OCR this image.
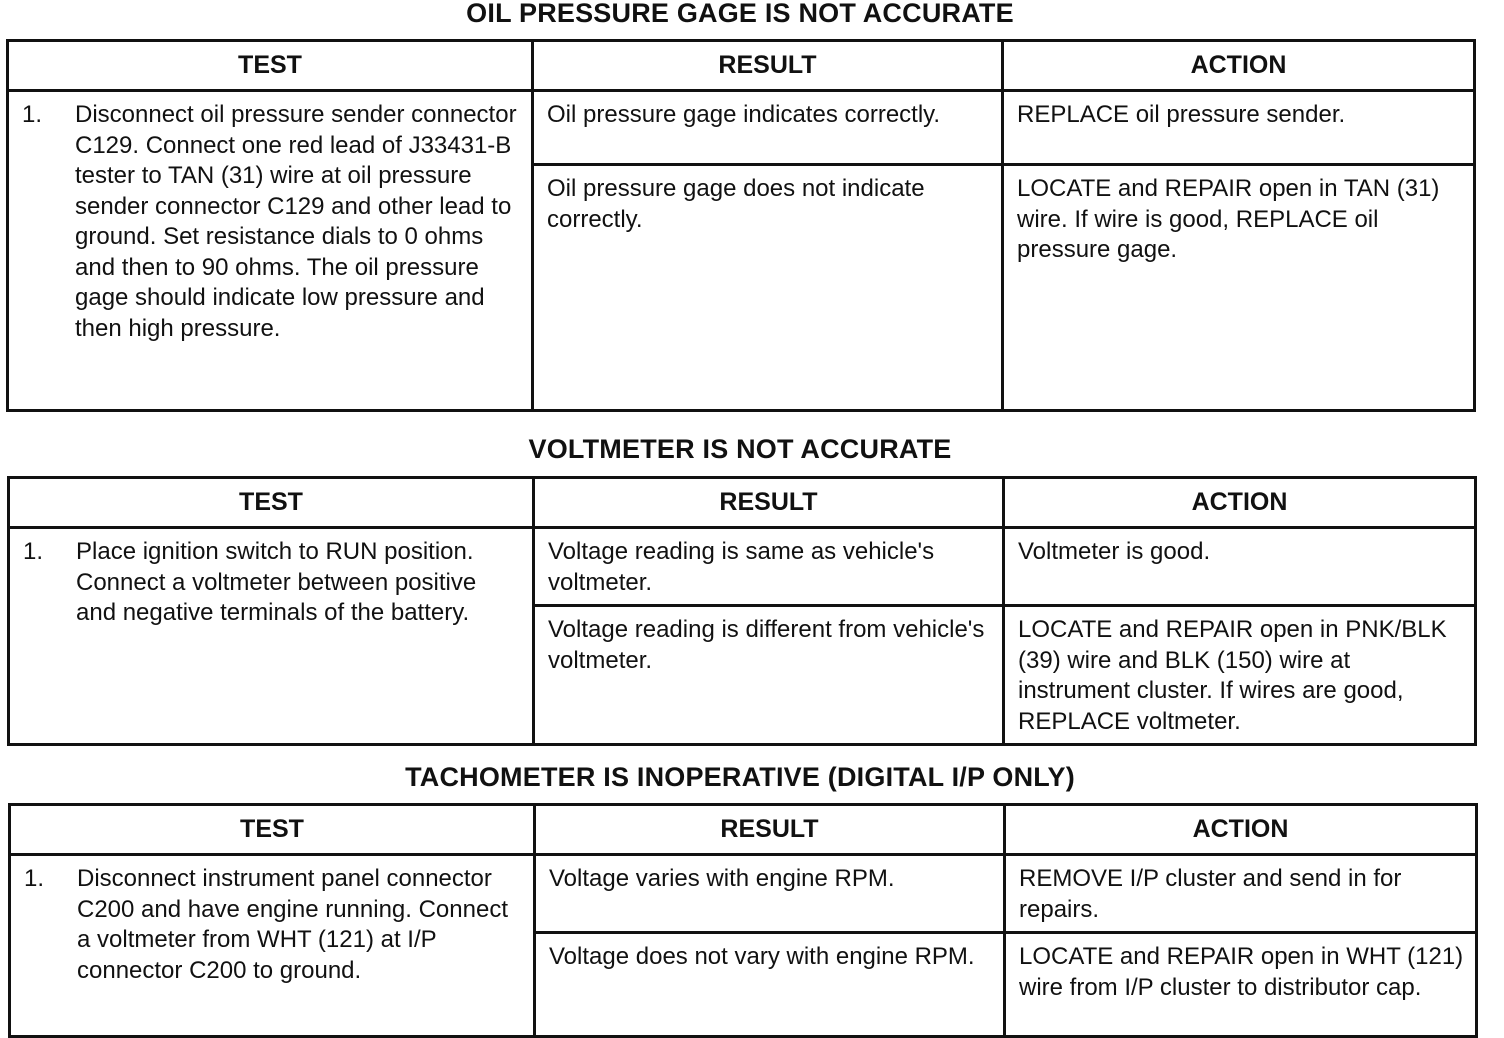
OIL PRESSURE GAGE IS NOT ACCURATE
TEST	RESULT	ACTION

1. Disconnect oil pressure sender connector C129. Connect one red lead of J33431-B tester to TAN (31) wire at oil pressure sender connector C129 and other lead to ground. Set resistance dials to 0 ohms and then to 90 ohms. The oil pressure gage should indicate low pressure and then high pressure.	Oil pressure gage indicates correctly.	REPLACE oil pressure sender.
	Oil pressure gage does not indicate correctly.	LOCATE and REPAIR open in TAN (31) wire. If wire is good, REPLACE oil pressure gage.
VOLTMETER IS NOT ACCURATE
TEST	RESULT	ACTION

1. Place ignition switch to RUN position. Connect a voltmeter between positive and negative terminals of the battery.	Voltage reading is same as vehicle's voltmeter.	Voltmeter is good.
	Voltage reading is different from vehicle's voltmeter.	LOCATE and REPAIR open in PNK/BLK (39) wire and BLK (150) wire at instrument cluster. If wires are good, REPLACE voltmeter.
TACHOMETER IS INOPERATIVE (DIGITAL I/P ONLY)
TEST	RESULT	ACTION

1. Disconnect instrument panel connector C200 and have engine running. Connect a voltmeter from WHT (121) at I/P connector C200 to ground.	Voltage varies with engine RPM.	REMOVE I/P cluster and send in for repairs.
	Voltage does not vary with engine RPM.	LOCATE and REPAIR open in WHT (121) wire from I/P cluster to distributor cap.
